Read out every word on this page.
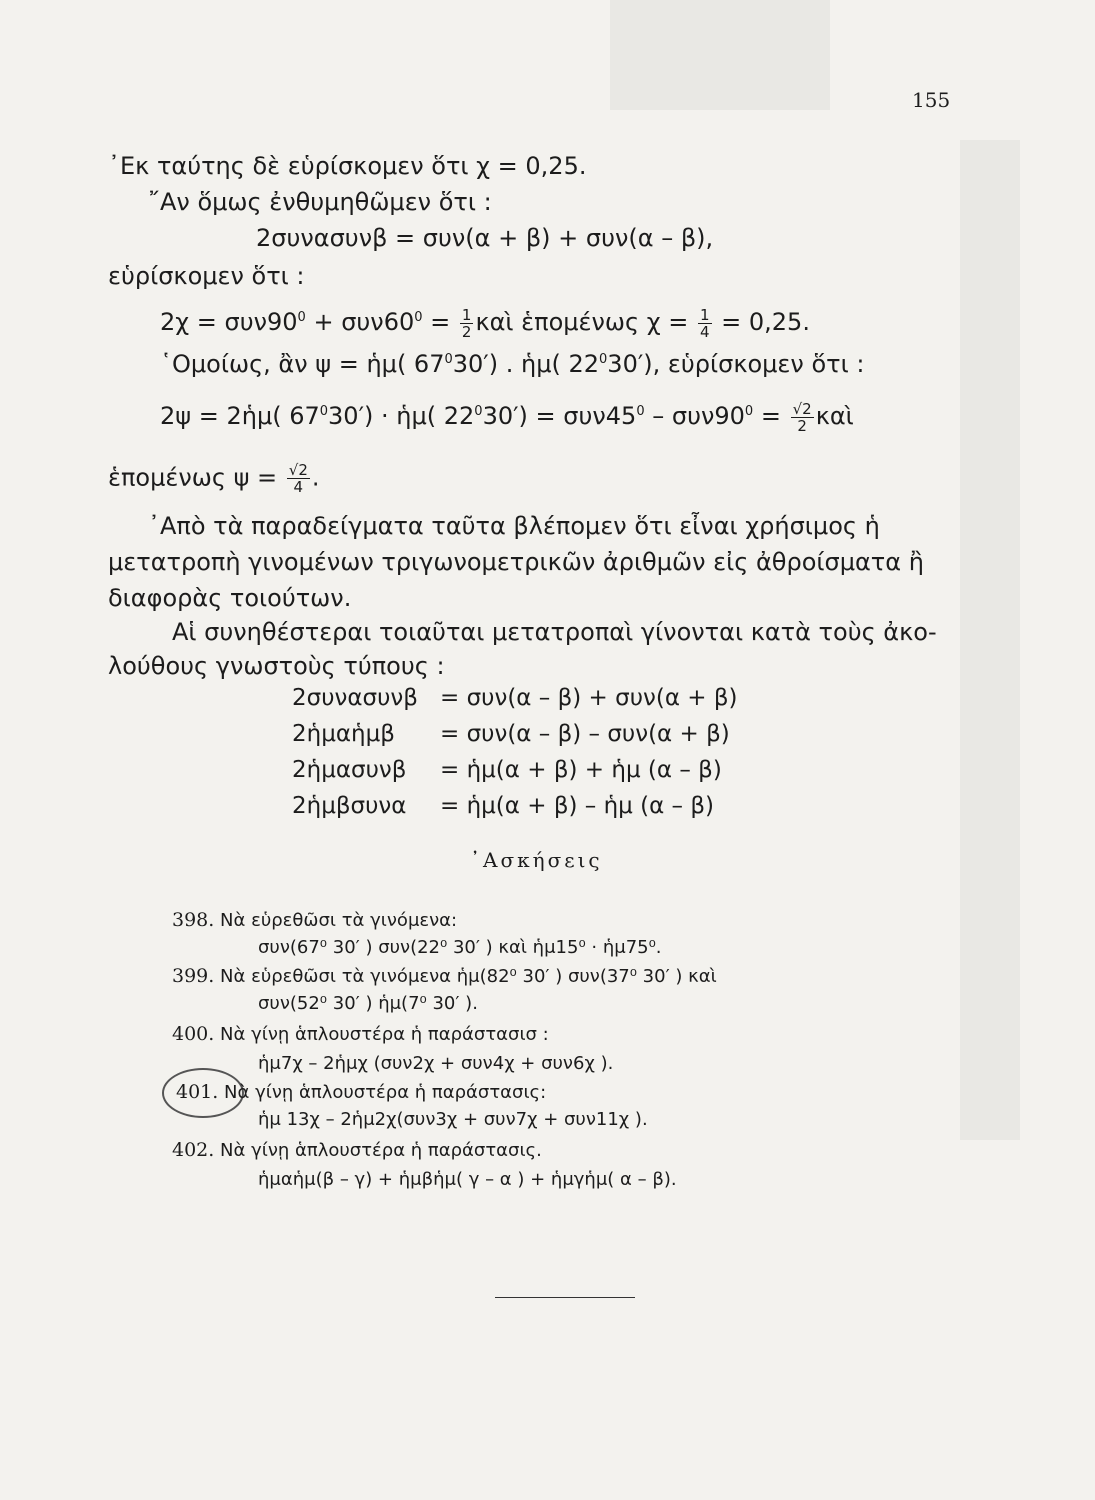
155
᾽Εκ ταύτης δὲ εὑρίσκομεν ὅτι χ = 0,25.
῎Αν ὅμως ἐνθυμηθῶμεν ὅτι :
2συνασυνβ = συν(α + β) + συν(α – β),
εὑρίσκομεν ὅτι :
$2\chi = \sigma\upsilon\nu 90^0 + \sigma\upsilon\nu 60^0 = \frac{1}{2}$ καὶ ἑπομένως $\chi = \frac{1}{4} = 0,25$.
῾Ομοίως, ἂν ψ = ἡμ( $67^030'$) . ἡμ( $22^030'$), εὑρίσκομεν ὅτι :
2ψ = 2ἡμ( $67^030'$) · ἡμ( $22^030') = \sigma\upsilon\nu 45^0 - \sigma\upsilon\nu 90^0 = \frac{√2}{2}$ καὶ
ἑπομένως $\psi = \frac{√2}{4}$ .
᾽Απὸ τὰ παραδείγματα ταῦτα βλέπομεν ὅτι εἶναι χρήσιμος ἡ
μετατροπὴ γινομένων τριγωνομετρικῶν ἀριθμῶν εἰς ἀθροίσματα ἢ
διαφορὰς τοιούτων.
Αἱ συνηθέστεραι τοιαῦται μετατροπαὶ γίνονται κατὰ τοὺς ἀκο-
λούθους γνωστοὺς τύπους :
2συνασυνβ = συν(α – β) + συν(α + β)
2ἡμαἡμβ = συν(α – β) – συν(α + β)
2ἡμασυνβ = ἡμ(α + β) + ἡμ (α – β)
2ἡμβσυνα = ἡμ(α + β) – ἡμ (α – β)
᾽Ασκήσεις
398. Νὰ εὑρεθῶσι τὰ γινόμενα:
συν(67⁰ 30′ ) συν(22⁰ 30′ ) καὶ ἡμ15⁰ · ἡμ75⁰.
399. Νὰ εὑρεθῶσι τὰ γινόμενα ἡμ(82⁰ 30′ ) συν(37⁰ 30′ ) καὶ
συν(52⁰ 30′ ) ἡμ(7⁰ 30′ ).
400. Νὰ γίνῃ ἁπλουστέρα ἡ παράστασισ :
ἡμ7χ – 2ἡμχ (συν2χ + συν4χ + συν6χ ).
401. Νὰ γίνῃ ἁπλουστέρα ἡ παράστασις:
ἡμ 13χ – 2ἡμ2χ(συν3χ + συν7χ + συν11χ ).
402. Νὰ γίνῃ ἁπλουστέρα ἡ παράστασις.
ἡμαἡμ(β – γ) + ἡμβἡμ( γ – α ) + ἡμγἡμ( α – β).
